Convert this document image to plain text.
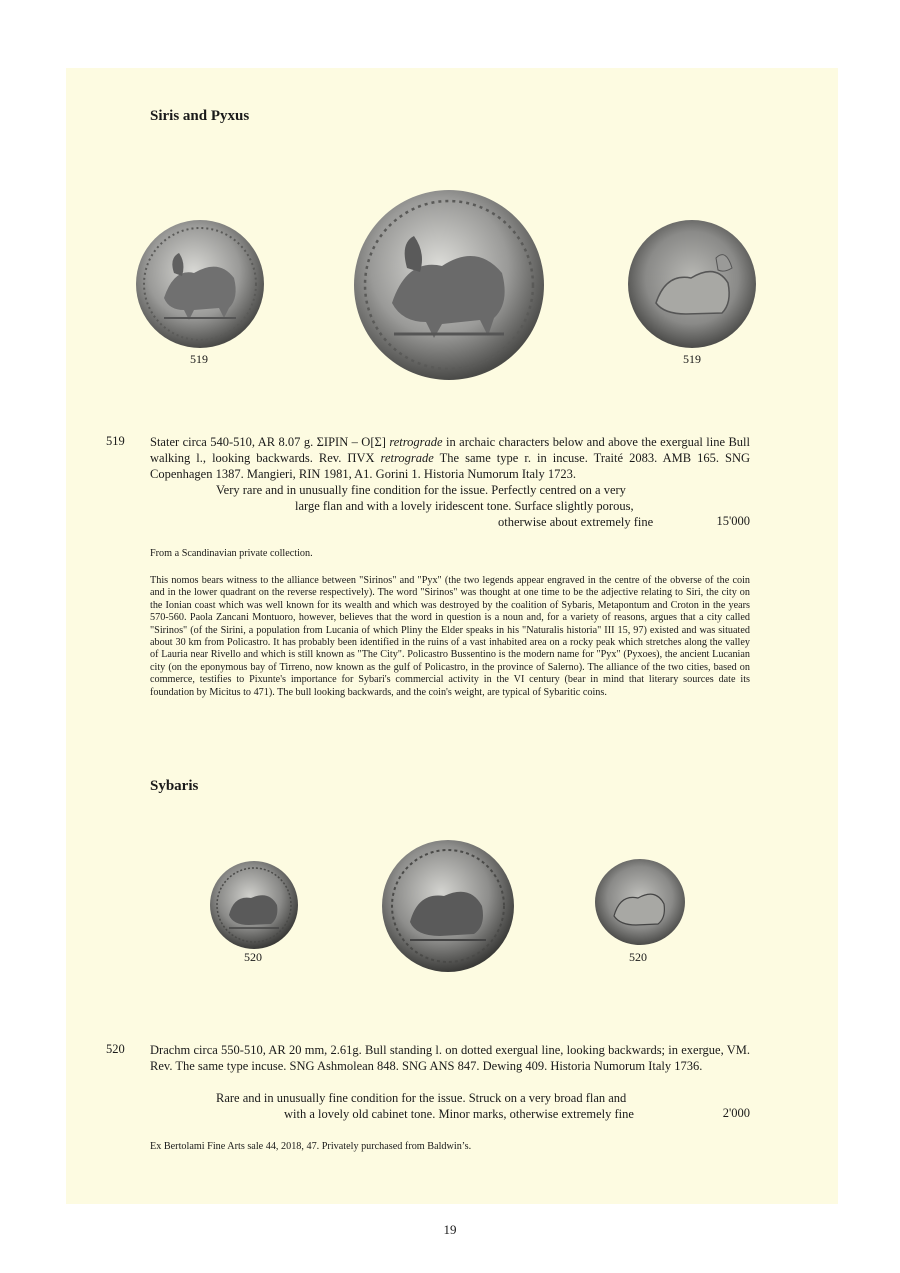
Siris and Pyxus
519	519
519 Stater circa 540-510, AR 8.07 g. ΣIPIN – O[Σ] retrograde in archaic characters below and above the exergual line Bull walking l., looking backwards. Rev. ΠVX retrograde The same type r. in incuse. Traité 2083. AMB 165. SNG Copenhagen 1387. Mangieri, RIN 1981, A1. Gorini 1. Historia Numorum Italy 1723.
Very rare and in unusually fine condition for the issue. Perfectly centred on a very
large flan and with a lovely iridescent tone. Surface slightly porous,
otherwise about extremely fine	15'000
From a Scandinavian private collection.
This nomos bears witness to the alliance between "Sirinos" and "Pyx" (the two legends appear engraved in the centre of the obverse of the coin and in the lower quadrant on the reverse respectively). The word "Sirinos" was thought at one time to be the adjective relating to Siri, the city on the Ionian coast which was well known for its wealth and which was destroyed by the coalition of Sybaris, Metapontum and Croton in the years 570-560. Paola Zancani Montuoro, however, believes that the word in question is a noun and, for a variety of reasons, argues that a city called "Sirinos" (of the Sirini, a population from Lucania of which Pliny the Elder speaks in his "Naturalis historia" III 15, 97) existed and was situated about 30 km from Policastro. It has probably been identified in the ruins of a vast inhabited area on a rocky peak which stretches along the valley of Lauria near Rivello and which is still known as "The City". Policastro Bussentino is the modern name for "Pyx" (Pyxoes), the ancient Lucanian city (on the eponymous bay of Tirreno, now known as the gulf of Policastro, in the province of Salerno). The alliance of the two cities, based on commerce, testifies to Pixunte's importance for Sybari's commercial activity in the VI century (bear in mind that literary sources date its foundation by Micitus to 471). The bull looking backwards, and the coin's weight, are typical of Sybaritic coins.
Sybaris
520	520
520 Drachm circa 550-510, AR 20 mm, 2.61g. Bull standing l. on dotted exergual line, looking backwards; in exergue, VM. Rev. The same type incuse. SNG Ashmolean 848. SNG ANS 847. Dewing 409. Historia Numorum Italy 1736.
Rare and in unusually fine condition for the issue. Struck on a very broad flan and
with a lovely old cabinet tone. Minor marks, otherwise extremely fine	2'000
Ex Bertolami Fine Arts sale 44, 2018, 47. Privately purchased from Baldwin’s.
19
